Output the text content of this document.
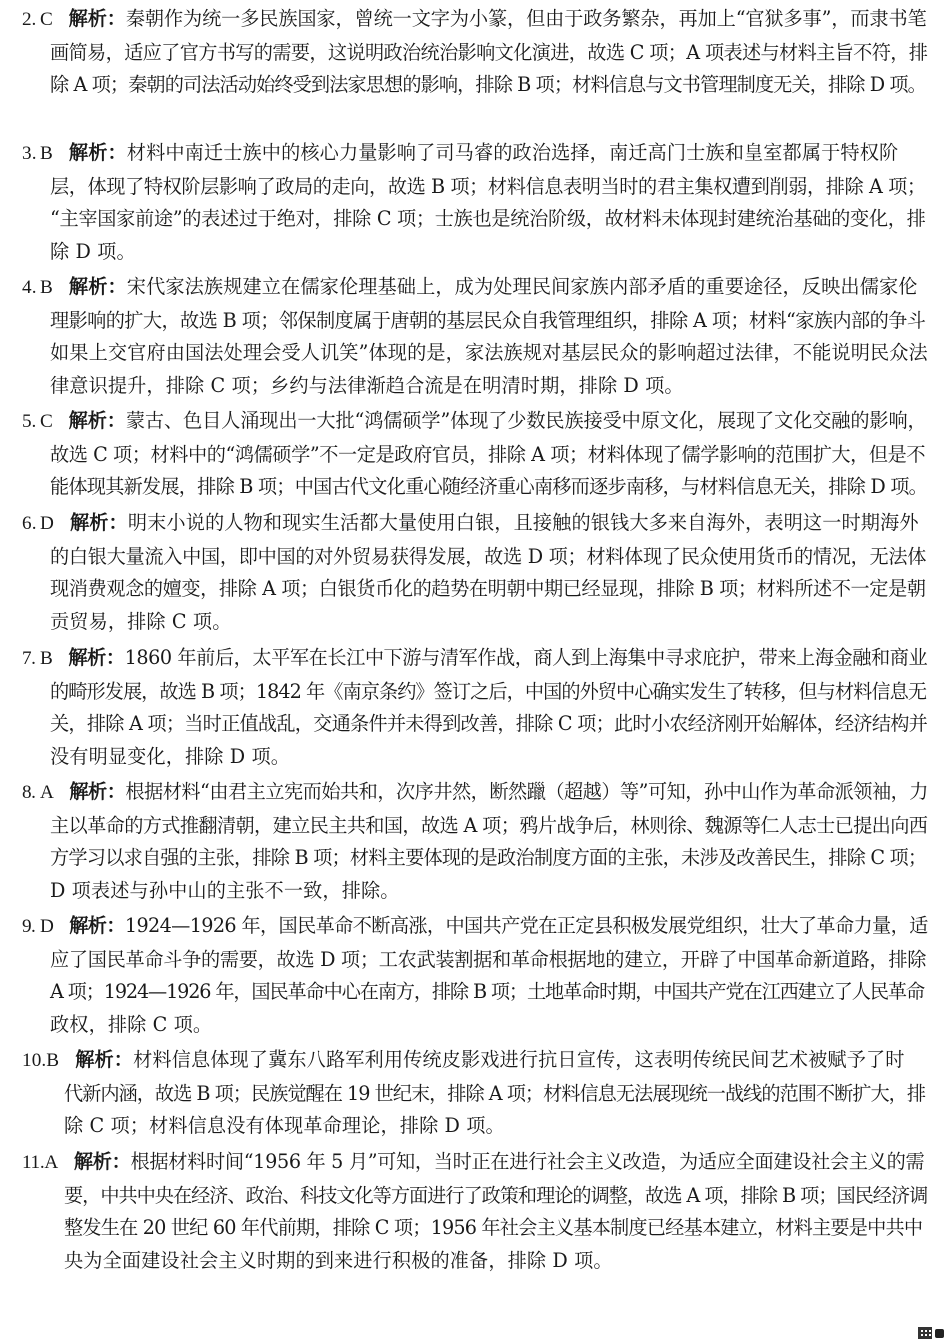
2. C 解析：秦朝作为统一多民族国家，曾统一文字为小篆，但由于政务繁杂，再加上“官狱多事”，而隶书笔
画简易，适应了官方书写的需要，这说明政治统治影响文化演进，故选 C 项；A 项表述与材料主旨不符，排
除 A 项；秦朝的司法活动始终受到法家思想的影响，排除 B 项；材料信息与文书管理制度无关，排除 D 项。
3. B 解析：材料中南迁士族中的核心力量影响了司马睿的政治选择，南迁高门士族和皇室都属于特权阶
层，体现了特权阶层影响了政局的走向，故选 B 项；材料信息表明当时的君主集权遭到削弱，排除 A 项；
“主宰国家前途”的表述过于绝对，排除 C 项；士族也是统治阶级，故材料未体现封建统治基础的变化，排
除 D 项。
4. B 解析：宋代家法族规建立在儒家伦理基础上，成为处理民间家族内部矛盾的重要途径，反映出儒家伦
理影响的扩大，故选 B 项；邻保制度属于唐朝的基层民众自我管理组织，排除 A 项；材料“家族内部的争斗
如果上交官府由国法处理会受人讥笑”体现的是，家法族规对基层民众的影响超过法律，不能说明民众法
律意识提升，排除 C 项；乡约与法律渐趋合流是在明清时期，排除 D 项。
5. C 解析：蒙古、色目人涌现出一大批“鸿儒硕学”体现了少数民族接受中原文化，展现了文化交融的影响，
故选 C 项；材料中的“鸿儒硕学”不一定是政府官员，排除 A 项；材料体现了儒学影响的范围扩大，但是不
能体现其新发展，排除 B 项；中国古代文化重心随经济重心南移而逐步南移，与材料信息无关，排除 D 项。
6. D 解析：明末小说的人物和现实生活都大量使用白银，且接触的银钱大多来自海外，表明这一时期海外
的白银大量流入中国，即中国的对外贸易获得发展，故选 D 项；材料体现了民众使用货币的情况，无法体
现消费观念的嬗变，排除 A 项；白银货币化的趋势在明朝中期已经显现，排除 B 项；材料所述不一定是朝
贡贸易，排除 C 项。
7. B 解析：1860 年前后，太平军在长江中下游与清军作战，商人到上海集中寻求庇护，带来上海金融和商业
的畸形发展，故选 B 项；1842 年《南京条约》签订之后，中国的外贸中心确实发生了转移，但与材料信息无
关，排除 A 项；当时正值战乱，交通条件并未得到改善，排除 C 项；此时小农经济刚开始解体，经济结构并
没有明显变化，排除 D 项。
8. A 解析：根据材料“由君主立宪而始共和，次序井然，断然躐（超越）等”可知，孙中山作为革命派领袖，力
主以革命的方式推翻清朝，建立民主共和国，故选 A 项；鸦片战争后，林则徐、魏源等仁人志士已提出向西
方学习以求自强的主张，排除 B 项；材料主要体现的是政治制度方面的主张，未涉及改善民生，排除 C 项；
D 项表述与孙中山的主张不一致，排除。
9. D 解析：1924—1926 年，国民革命不断高涨，中国共产党在正定县积极发展党组织，壮大了革命力量，适
应了国民革命斗争的需要，故选 D 项；工农武装割据和革命根据地的建立，开辟了中国革命新道路，排除
A 项；1924—1926 年，国民革命中心在南方，排除 B 项；土地革命时期，中国共产党在江西建立了人民革命
政权，排除 C 项。
10.B 解析：材料信息体现了冀东八路军利用传统皮影戏进行抗日宣传，这表明传统民间艺术被赋予了时
代新内涵，故选 B 项；民族觉醒在 19 世纪末，排除 A 项；材料信息无法展现统一战线的范围不断扩大，排
除 C 项；材料信息没有体现革命理论，排除 D 项。
11.A 解析：根据材料时间“1956 年 5 月”可知，当时正在进行社会主义改造，为适应全面建设社会主义的需
要，中共中央在经济、政治、科技文化等方面进行了政策和理论的调整，故选 A 项，排除 B 项；国民经济调
整发生在 20 世纪 60 年代前期，排除 C 项；1956 年社会主义基本制度已经基本建立，材料主要是中共中
央为全面建设社会主义时期的到来进行积极的准备，排除 D 项。
